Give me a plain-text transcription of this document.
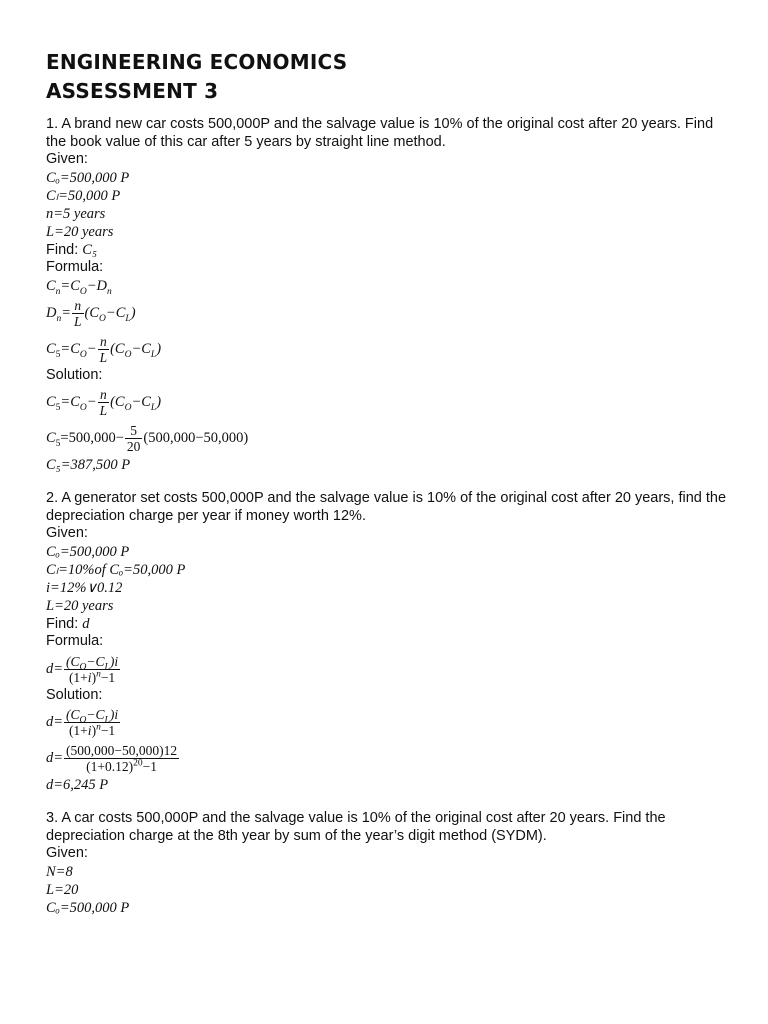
ENGINEERING ECONOMICS
ASSESSMENT 3
1. A brand new car costs 500,000P and the salvage value is 10% of the original cost after 20 years. Find the book value of this car after 5 years by straight line method.
Given:
Cₒ=500,000 P
Cₗ=50,000 P
n=5 years
L=20 years
Find: C₅
Formula:
$C_n=C_O-D_n$
$D_n= \frac{n}{L} (C_O-C_L)$
$C_5=C_O- \frac{n}{L} (C_O-C_L)$
Solution:
$C_5=C_O- \frac{n}{L} (C_O-C_L)$
$C_5=500,000- \frac{5}{20} (500,000-50,000)$
C₅=387,500 P
2. A generator set costs 500,000P and the salvage value is 10% of the original cost after 20 years, find the depreciation charge per year if money worth 12%.
Given:
Cₒ=500,000 P
Cₗ=10%of Cₒ=50,000 P
i=12%∨0.12
L=20 years
Find: d
Formula:
$d= \frac{(C_O-C_L)i}{(1+i)^n-1}$
Solution:
$d= \frac{(C_O-C_L)i}{(1+i)^n-1}$
$d= \frac{(500,000-50,000)12}{(1+0.12)^{20}-1}$
d=6,245 P
3. A car costs 500,000P and the salvage value is 10% of the original cost after 20 years. Find the depreciation charge at the 8th year by sum of the year’s digit method (SYDM).
Given:
N=8
L=20
Cₒ=500,000 P
